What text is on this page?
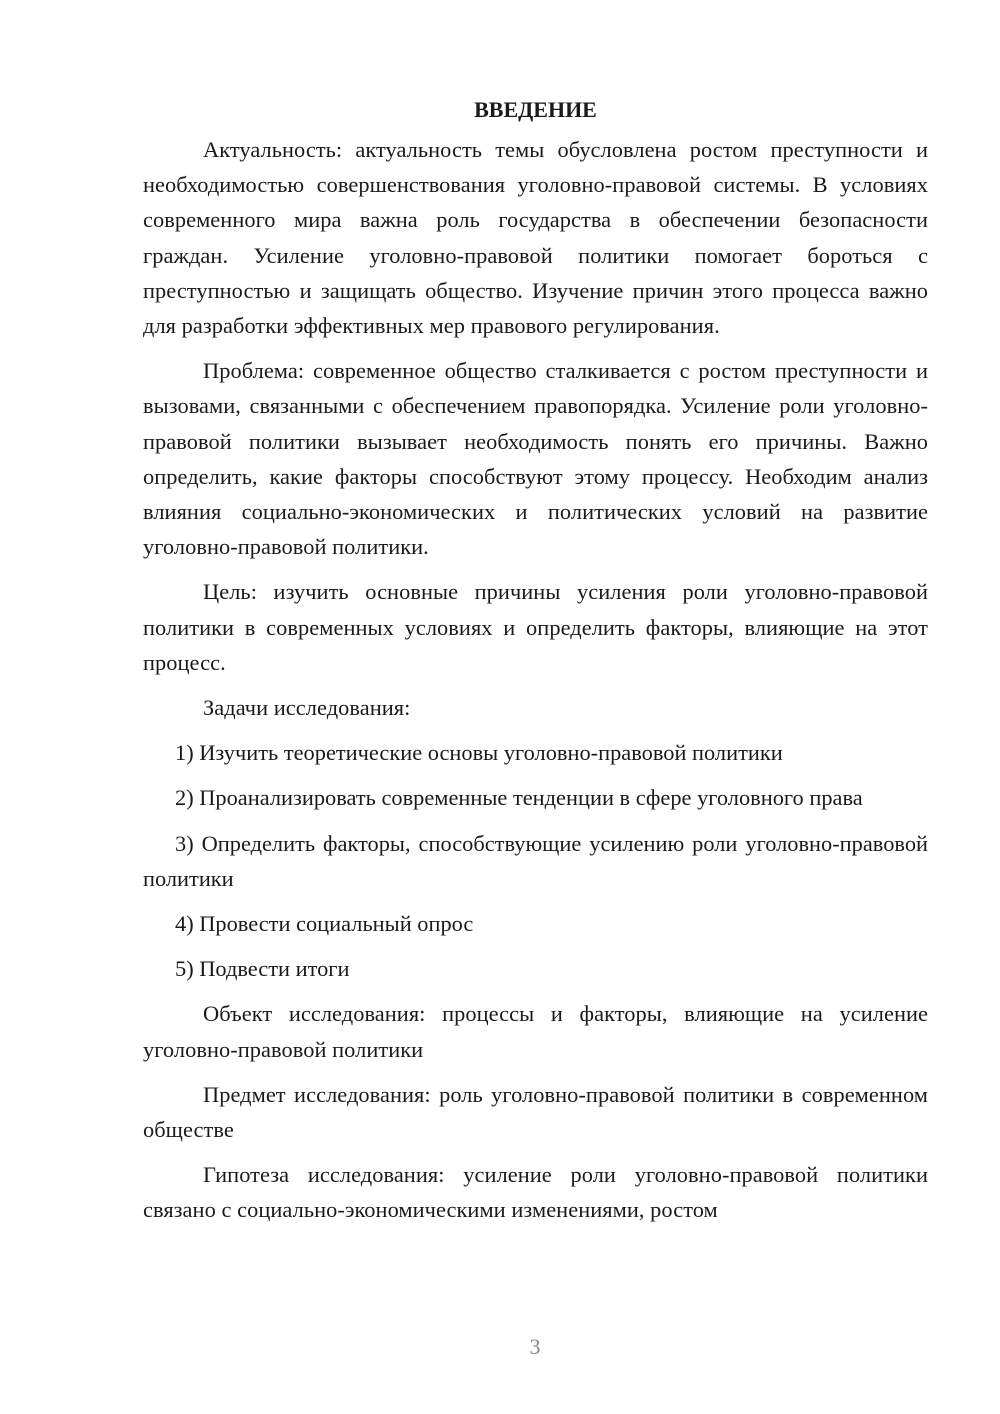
ВВЕДЕНИЕ

Актуальность: актуальность темы обусловлена ростом преступности и необходимостью совершенствования уголовно-правовой системы. В условиях современного мира важна роль государства в обеспечении безопасности граждан. Усиление уголовно-правовой политики помогает бороться с преступностью и защищать общество. Изучение причин этого процесса важно для разработки эффективных мер правового регулирования.

Проблема: современное общество сталкивается с ростом преступности и вызовами, связанными с обеспечением правопорядка. Усиление роли уголовно-правовой политики вызывает необходимость понять его причины. Важно определить, какие факторы способствуют этому процессу. Необходим анализ влияния социально-экономических и политических условий на развитие уголовно-правовой политики.

Цель: изучить основные причины усиления роли уголовно-правовой политики в современных условиях и определить факторы, влияющие на этот процесс.

Задачи исследования:

1) Изучить теоретические основы уголовно-правовой политики

2) Проанализировать современные тенденции в сфере уголовного права

3) Определить факторы, способствующие усилению роли уголовно-правовой политики

4) Провести социальный опрос

5) Подвести итоги

Объект исследования: процессы и факторы, влияющие на усиление уголовно-правовой политики

Предмет исследования: роль уголовно-правовой политики в современном обществе

Гипотеза исследования: усиление роли уголовно-правовой политики связано с социально-экономическими изменениями, ростом

3
